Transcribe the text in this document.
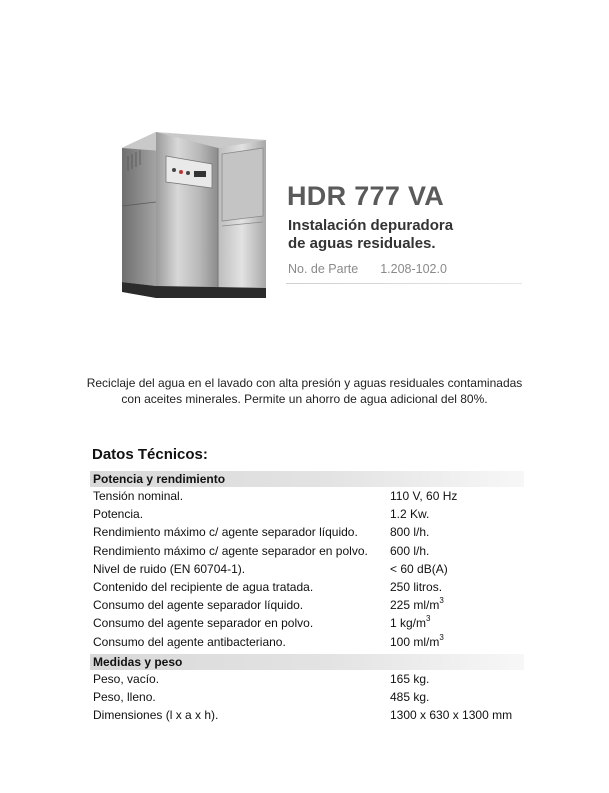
HDR 777 VA
Instalación depuradora
de aguas residuales.
No. de Parte 1.208-102.0
Reciclaje del agua en el lavado con alta presión y aguas residuales contaminadas
con aceites minerales. Permite un ahorro de agua adicional del 80%.
Datos Técnicos:
Potencia y rendimiento
Tensión nominal.	110 V, 60 Hz
Potencia.	1.2 Kw.
Rendimiento máximo c/ agente separador líquido.	800 l/h.
Rendimiento máximo c/ agente separador en polvo. 600 l/h.
Nivel de ruido (EN 60704-1).	< 60 dB(A)
Contenido del recipiente de agua tratada.	250 litros.
Consumo del agente separador líquido.	225 $ml/m^3$
Consumo del agente separador en polvo.	1 $kg/m^3$
Consumo del agente antibacteriano.	100 $ml/m^3$
Medidas y peso
Peso, vacío.	165 kg.
Peso, lleno.	485 kg.
Dimensiones (l x a x h).	1300 x 630 x 1300 mm
